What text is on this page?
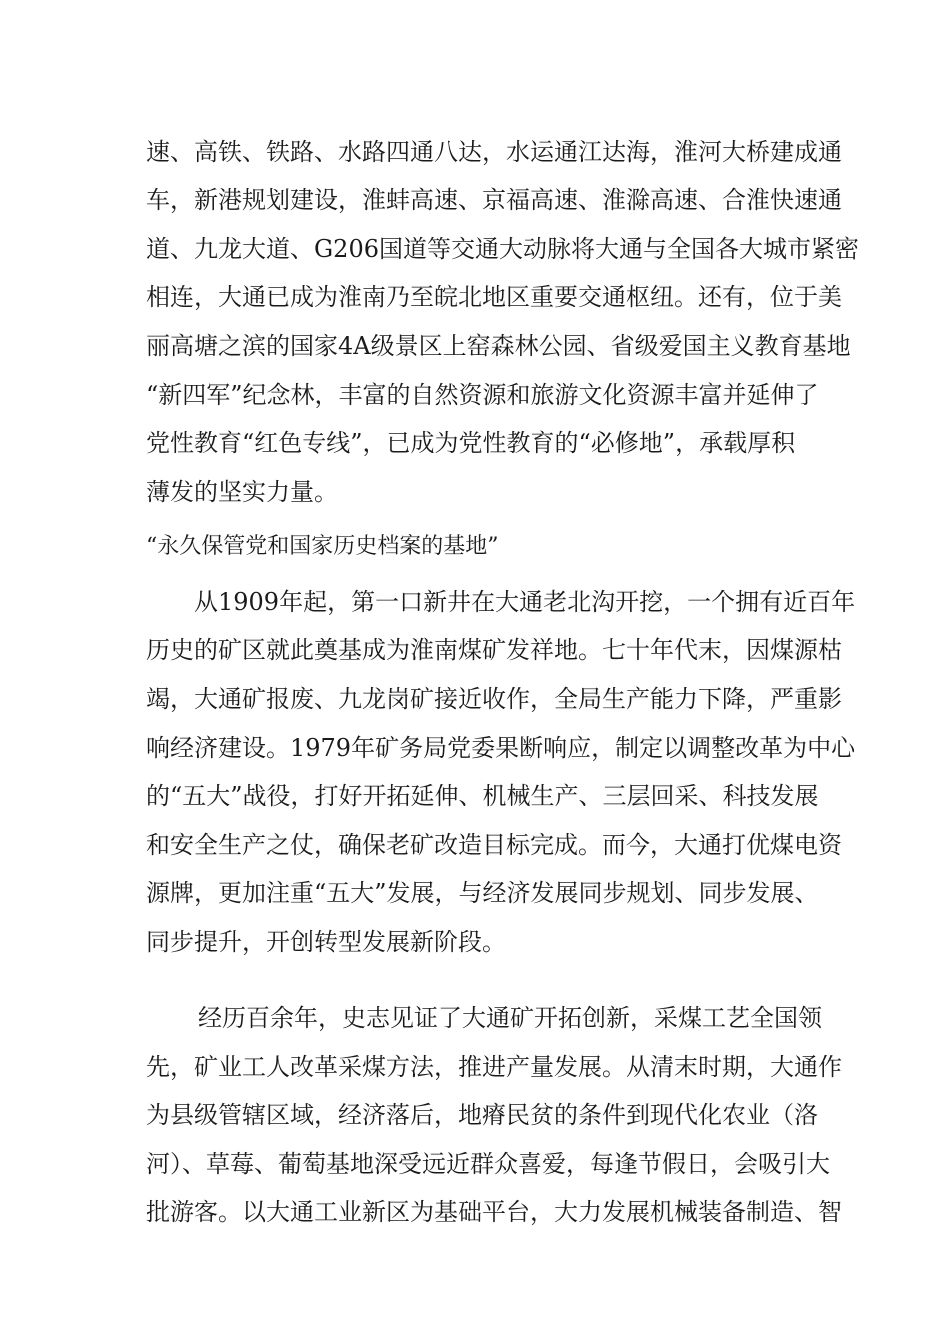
速、高铁、铁路、水路四通八达，水运通江达海，淮河大桥建成通
车，新港规划建设，淮蚌高速、京福高速、淮滁高速、合淮快速通
道、九龙大道、G206国道等交通大动脉将大通与全国各大城市紧密
相连，大通已成为淮南乃至皖北地区重要交通枢纽。还有，位于美
丽高塘之滨的国家4A级景区上窑森林公园、省级爱国主义教育基地
“新四军”纪念林，丰富的自然资源和旅游文化资源丰富并延伸了
党性教育“红色专线”，已成为党性教育的“必修地”，承载厚积
薄发的坚实力量。
“永久保管党和国家历史档案的基地”
从1909年起，第一口新井在大通老北沟开挖，一个拥有近百年
历史的矿区就此奠基成为淮南煤矿发祥地。七十年代末，因煤源枯
竭，大通矿报废、九龙岗矿接近收作，全局生产能力下降，严重影
响经济建设。1979年矿务局党委果断响应，制定以调整改革为中心
的“五大”战役，打好开拓延伸、机械生产、三层回采、科技发展
和安全生产之仗，确保老矿改造目标完成。而今，大通打优煤电资
源牌，更加注重“五大”发展，与经济发展同步规划、同步发展、
同步提升，开创转型发展新阶段。
经历百余年，史志见证了大通矿开拓创新，采煤工艺全国领
先，矿业工人改革采煤方法，推进产量发展。从清末时期，大通作
为县级管辖区域，经济落后，地瘠民贫的条件到现代化农业（洛
河）、草莓、葡萄基地深受远近群众喜爱，每逢节假日，会吸引大
批游客。以大通工业新区为基础平台，大力发展机械装备制造、智
